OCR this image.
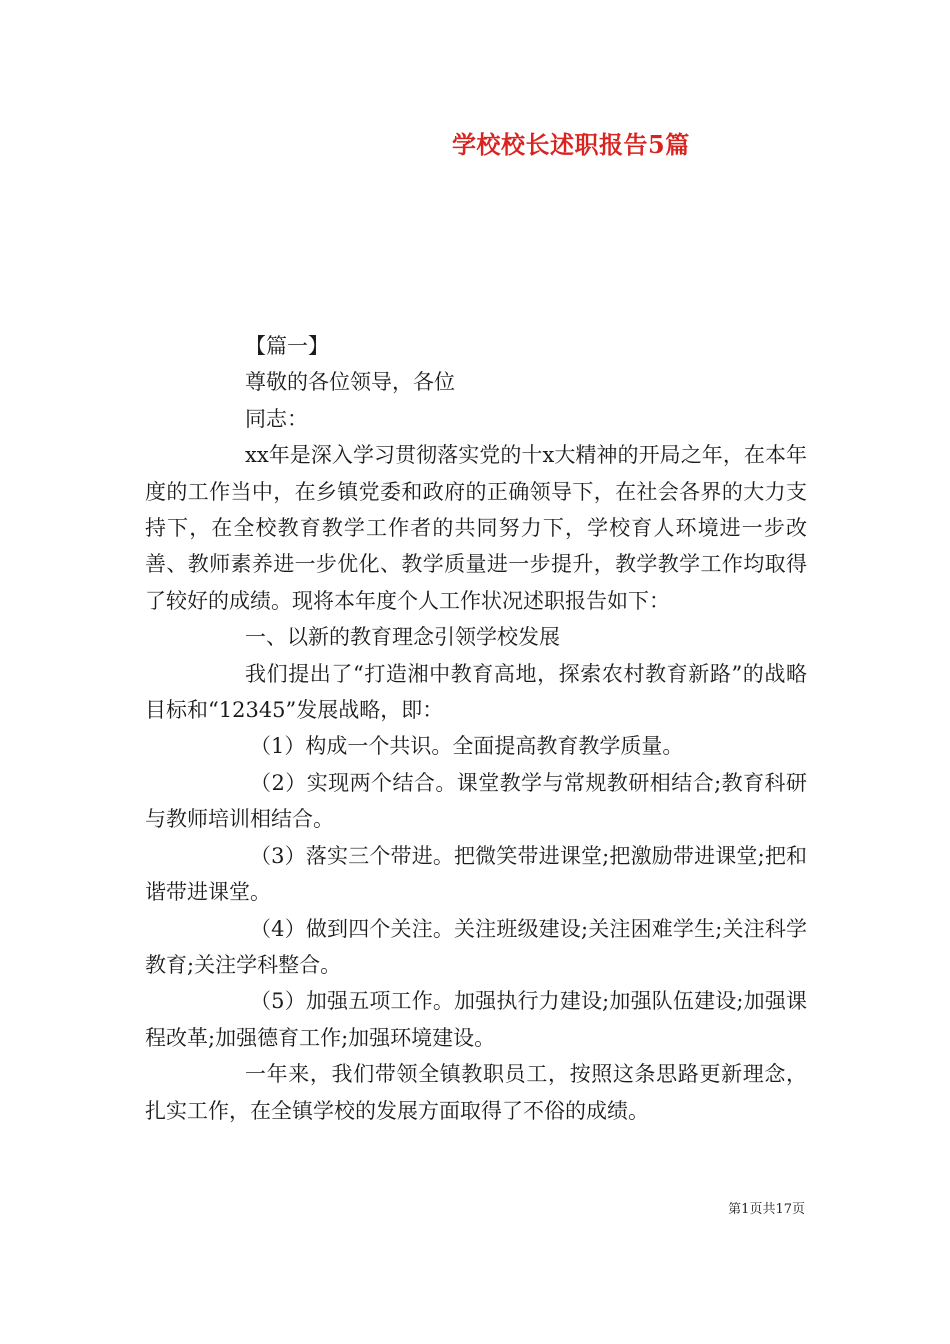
学校校长述职报告5篇

【篇一】

尊敬的各位领导，各位

同志：

xx年是深入学习贯彻落实党的十x大精神的开局之年，在本年度的工作当中，在乡镇党委和政府的正确领导下，在社会各界的大力支持下，在全校教育教学工作者的共同努力下，学校育人环境进一步改善、教师素养进一步优化、教学质量进一步提升，教学教学工作均取得了较好的成绩。现将本年度个人工作状况述职报告如下：

一、以新的教育理念引领学校发展

我们提出了“打造湘中教育高地，探索农村教育新路”的战略目标和“12345”发展战略，即：

（1）构成一个共识。全面提高教育教学质量。

（2）实现两个结合。课堂教学与常规教研相结合;教育科研与教师培训相结合。

（3）落实三个带进。把微笑带进课堂;把激励带进课堂;把和谐带进课堂。

（4）做到四个关注。关注班级建设;关注困难学生;关注科学教育;关注学科整合。

（5）加强五项工作。加强执行力建设;加强队伍建设;加强课程改革;加强德育工作;加强环境建设。

一年来，我们带领全镇教职员工，按照这条思路更新理念，扎实工作，在全镇学校的发展方面取得了不俗的成绩。

第1页共17页
